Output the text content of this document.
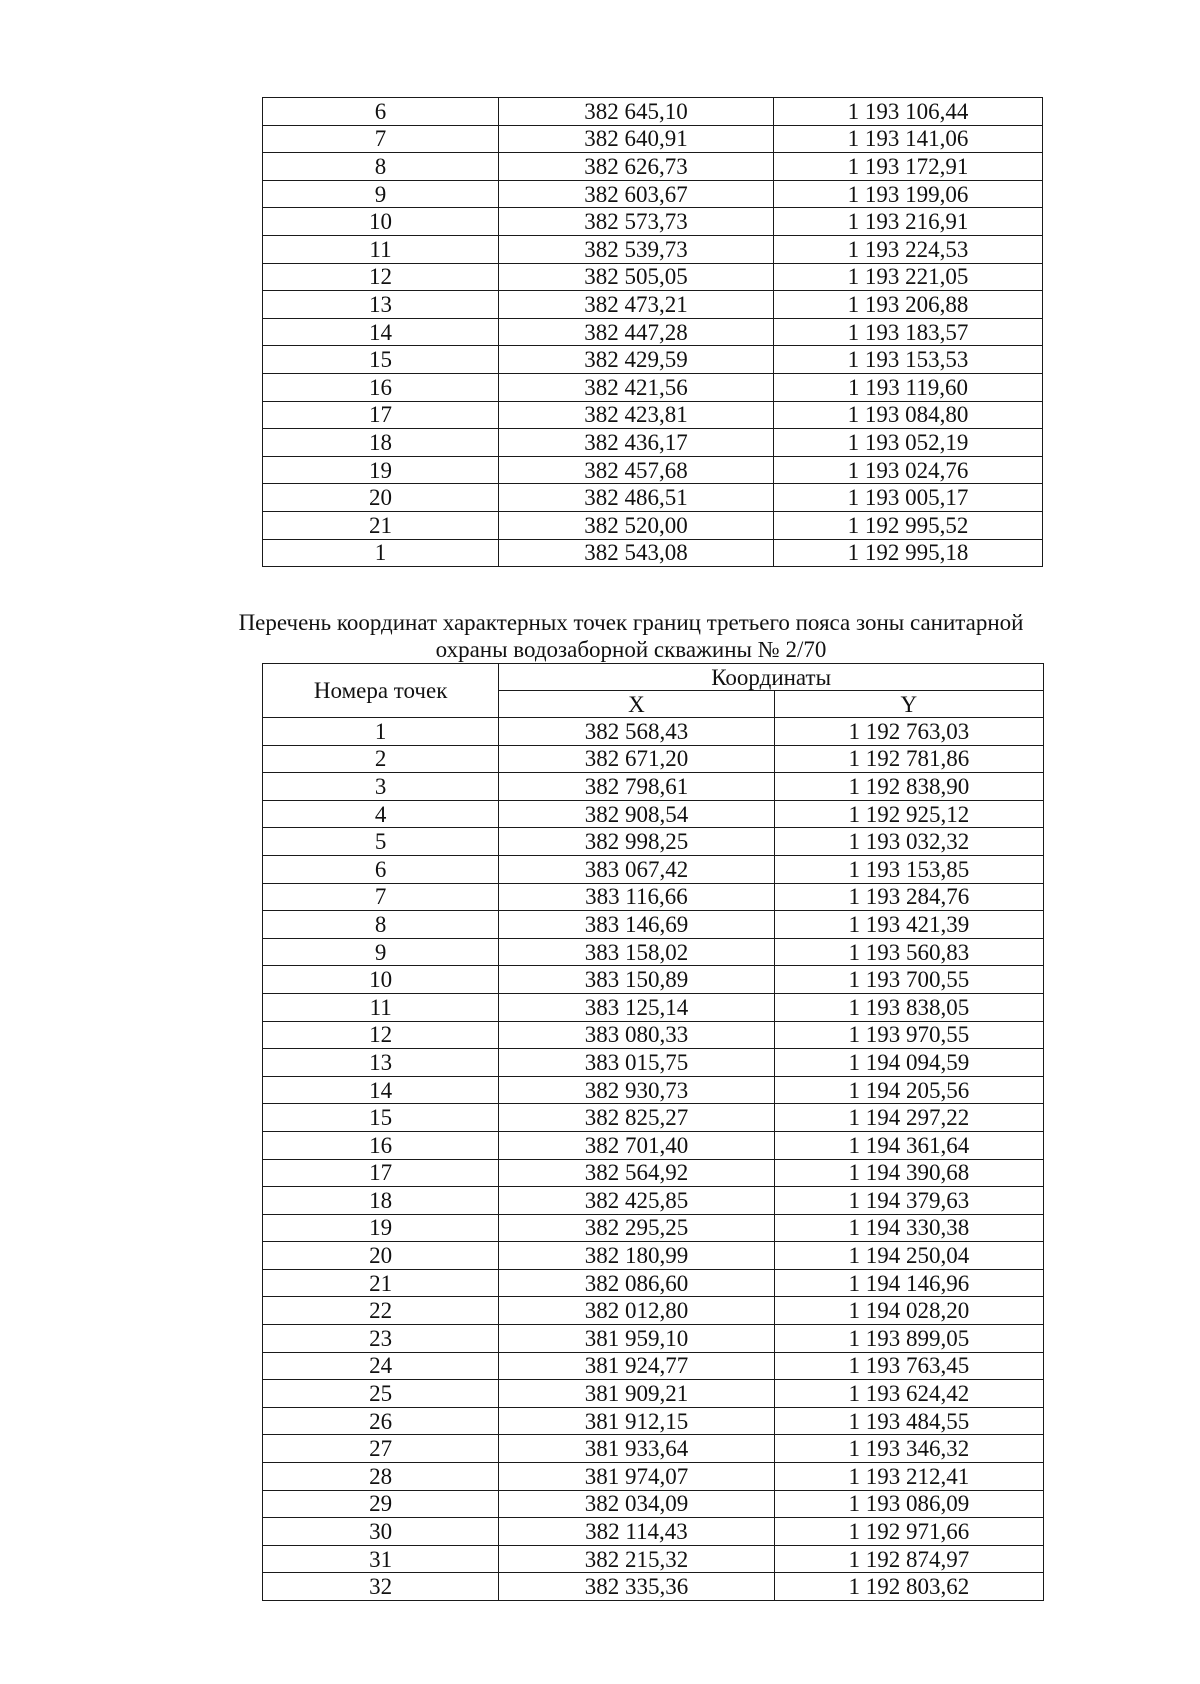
6	382 645,10	1 193 106,44
7	382 640,91	1 193 141,06
8	382 626,73	1 193 172,91
9	382 603,67	1 193 199,06
10	382 573,73	1 193 216,91
11	382 539,73	1 193 224,53
12	382 505,05	1 193 221,05
13	382 473,21	1 193 206,88
14	382 447,28	1 193 183,57
15	382 429,59	1 193 153,53
16	382 421,56	1 193 119,60
17	382 423,81	1 193 084,80
18	382 436,17	1 193 052,19
19	382 457,68	1 193 024,76
20	382 486,51	1 193 005,17
21	382 520,00	1 192 995,52
1	382 543,08	1 192 995,18
Перечень координат характерных точек границ третьего пояса зоны санитарной
охраны водозаборной скважины № 2/70
Номера точек	Координаты	
	X	Y
1	382 568,43	1 192 763,03
2	382 671,20	1 192 781,86
3	382 798,61	1 192 838,90
4	382 908,54	1 192 925,12
5	382 998,25	1 193 032,32
6	383 067,42	1 193 153,85
7	383 116,66	1 193 284,76
8	383 146,69	1 193 421,39
9	383 158,02	1 193 560,83
10	383 150,89	1 193 700,55
11	383 125,14	1 193 838,05
12	383 080,33	1 193 970,55
13	383 015,75	1 194 094,59
14	382 930,73	1 194 205,56
15	382 825,27	1 194 297,22
16	382 701,40	1 194 361,64
17	382 564,92	1 194 390,68
18	382 425,85	1 194 379,63
19	382 295,25	1 194 330,38
20	382 180,99	1 194 250,04
21	382 086,60	1 194 146,96
22	382 012,80	1 194 028,20
23	381 959,10	1 193 899,05
24	381 924,77	1 193 763,45
25	381 909,21	1 193 624,42
26	381 912,15	1 193 484,55
27	381 933,64	1 193 346,32
28	381 974,07	1 193 212,41
29	382 034,09	1 193 086,09
30	382 114,43	1 192 971,66
31	382 215,32	1 192 874,97
32	382 335,36	1 192 803,62
